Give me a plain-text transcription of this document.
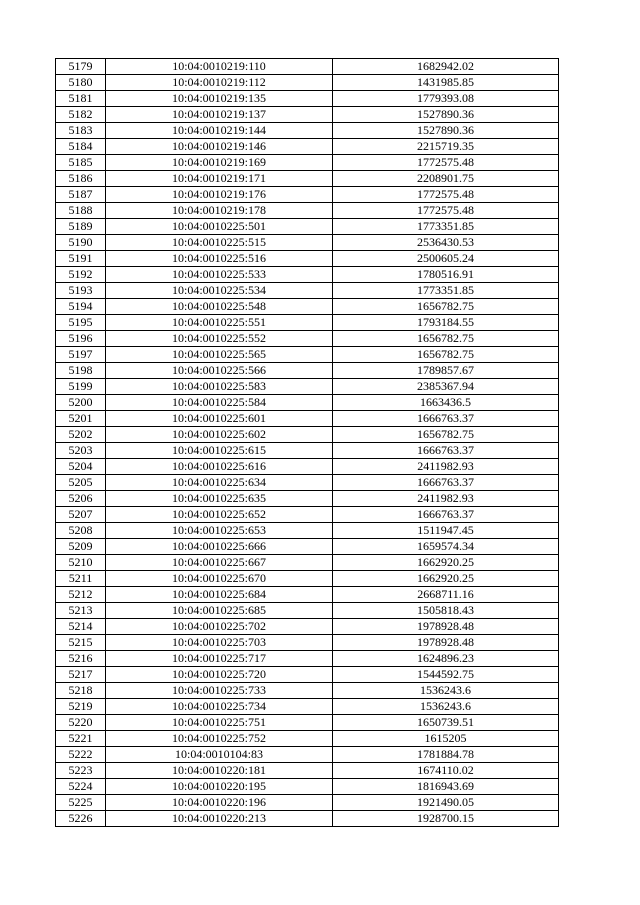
5179	10:04:0010219:110	1682942.02
5180	10:04:0010219:112	1431985.85
5181	10:04:0010219:135	1779393.08
5182	10:04:0010219:137	1527890.36
5183	10:04:0010219:144	1527890.36
5184	10:04:0010219:146	2215719.35
5185	10:04:0010219:169	1772575.48
5186	10:04:0010219:171	2208901.75
5187	10:04:0010219:176	1772575.48
5188	10:04:0010219:178	1772575.48
5189	10:04:0010225:501	1773351.85
5190	10:04:0010225:515	2536430.53
5191	10:04:0010225:516	2500605.24
5192	10:04:0010225:533	1780516.91
5193	10:04:0010225:534	1773351.85
5194	10:04:0010225:548	1656782.75
5195	10:04:0010225:551	1793184.55
5196	10:04:0010225:552	1656782.75
5197	10:04:0010225:565	1656782.75
5198	10:04:0010225:566	1789857.67
5199	10:04:0010225:583	2385367.94
5200	10:04:0010225:584	1663436.5
5201	10:04:0010225:601	1666763.37
5202	10:04:0010225:602	1656782.75
5203	10:04:0010225:615	1666763.37
5204	10:04:0010225:616	2411982.93
5205	10:04:0010225:634	1666763.37
5206	10:04:0010225:635	2411982.93
5207	10:04:0010225:652	1666763.37
5208	10:04:0010225:653	1511947.45
5209	10:04:0010225:666	1659574.34
5210	10:04:0010225:667	1662920.25
5211	10:04:0010225:670	1662920.25
5212	10:04:0010225:684	2668711.16
5213	10:04:0010225:685	1505818.43
5214	10:04:0010225:702	1978928.48
5215	10:04:0010225:703	1978928.48
5216	10:04:0010225:717	1624896.23
5217	10:04:0010225:720	1544592.75
5218	10:04:0010225:733	1536243.6
5219	10:04:0010225:734	1536243.6
5220	10:04:0010225:751	1650739.51
5221	10:04:0010225:752	1615205
5222	10:04:0010104:83	1781884.78
5223	10:04:0010220:181	1674110.02
5224	10:04:0010220:195	1816943.69
5225	10:04:0010220:196	1921490.05
5226	10:04:0010220:213	1928700.15
